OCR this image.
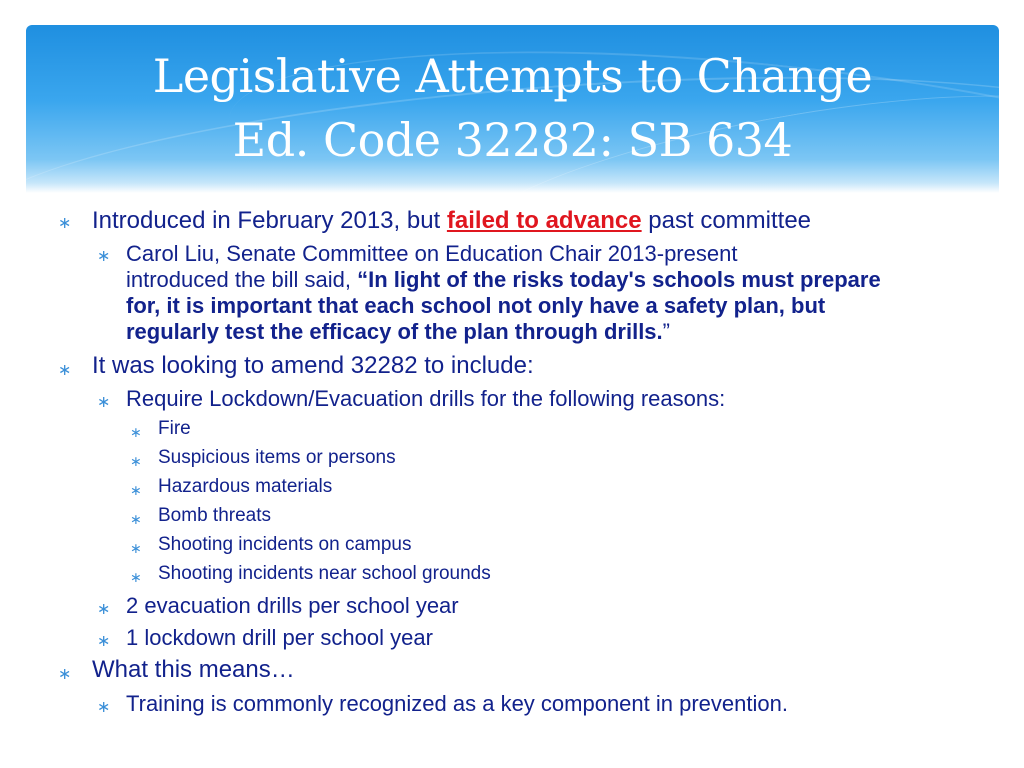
Legislative Attempts to Change
Ed. Code 32282: SB 634
∗ Introduced in February 2013, but failed to advance past committee
∗ Carol Liu, Senate Committee on Education Chair 2013-present
introduced the bill said, “In light of the risks today's schools must prepare for, it is important that each school not only have a safety plan, but regularly test the efficacy of the plan through drills.”
∗ It was looking to amend 32282 to include:
∗ Require Lockdown/Evacuation drills for the following reasons:
∗ Fire
∗ Suspicious items or persons
∗ Hazardous materials
∗ Bomb threats
∗ Shooting incidents on campus
∗ Shooting incidents near school grounds
∗ 2 evacuation drills per school year
∗ 1 lockdown drill per school year
∗ What this means…
∗ Training is commonly recognized as a key component in prevention.
